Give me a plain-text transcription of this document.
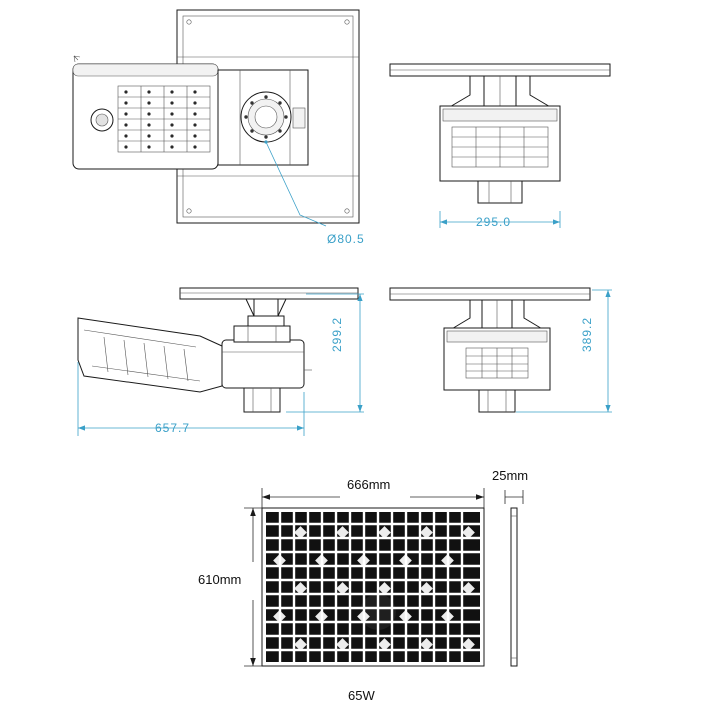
Ø80.5
295.0
299.2
657.7
389.2
666mm
610mm
25mm
65W
